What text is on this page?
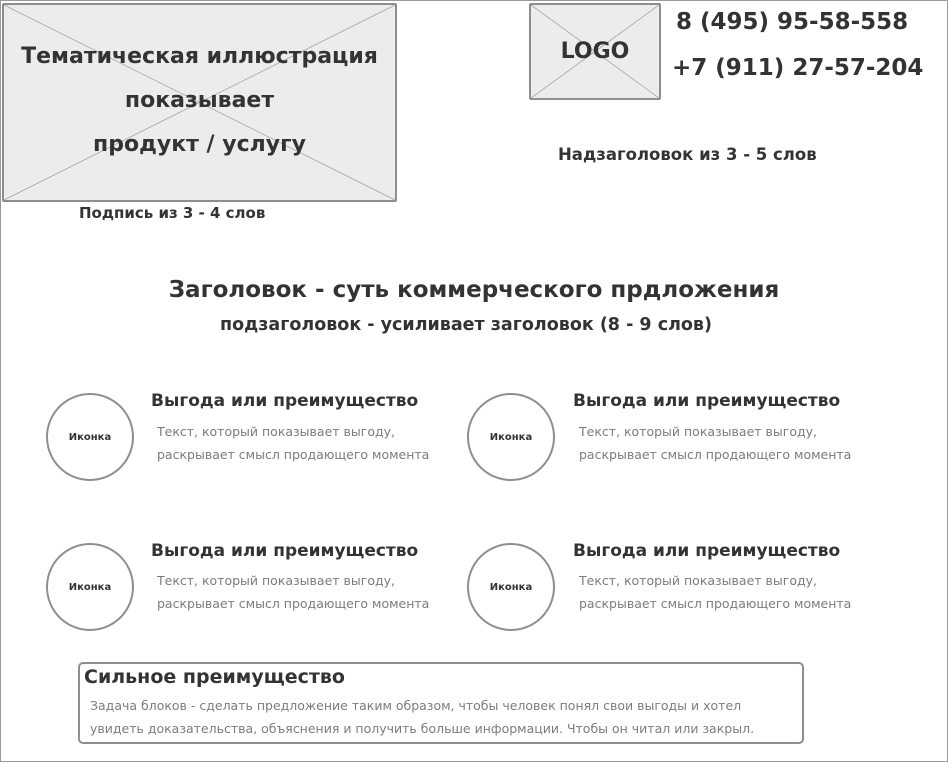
Тематическая иллюстрация
показывает
продукт / услугу
Подпись из 3 - 4 слов
LOGO
8 (495) 95-58-558
+7 (911) 27-57-204
Надзаголовок из 3 - 5 слов
Заголовок - суть коммерческого прдложения
подзаголовок - усиливает заголовок (8 - 9 слов)
Иконка
Выгода или преимущество
Текст, который показывает выгоду, раскрывает смысл продающего момента
Иконка
Выгода или преимущество
Текст, который показывает выгоду, раскрывает смысл продающего момента
Иконка
Выгода или преимущество
Текст, который показывает выгоду, раскрывает смысл продающего момента
Иконка
Выгода или преимущество
Текст, который показывает выгоду, раскрывает смысл продающего момента
Сильное преимущество
Задача блоков - сделать предложение таким образом, чтобы человек понял свои выгоды и хотел увидеть доказательства, объяснения и получить больше информации. Чтобы он читал или закрыл.
